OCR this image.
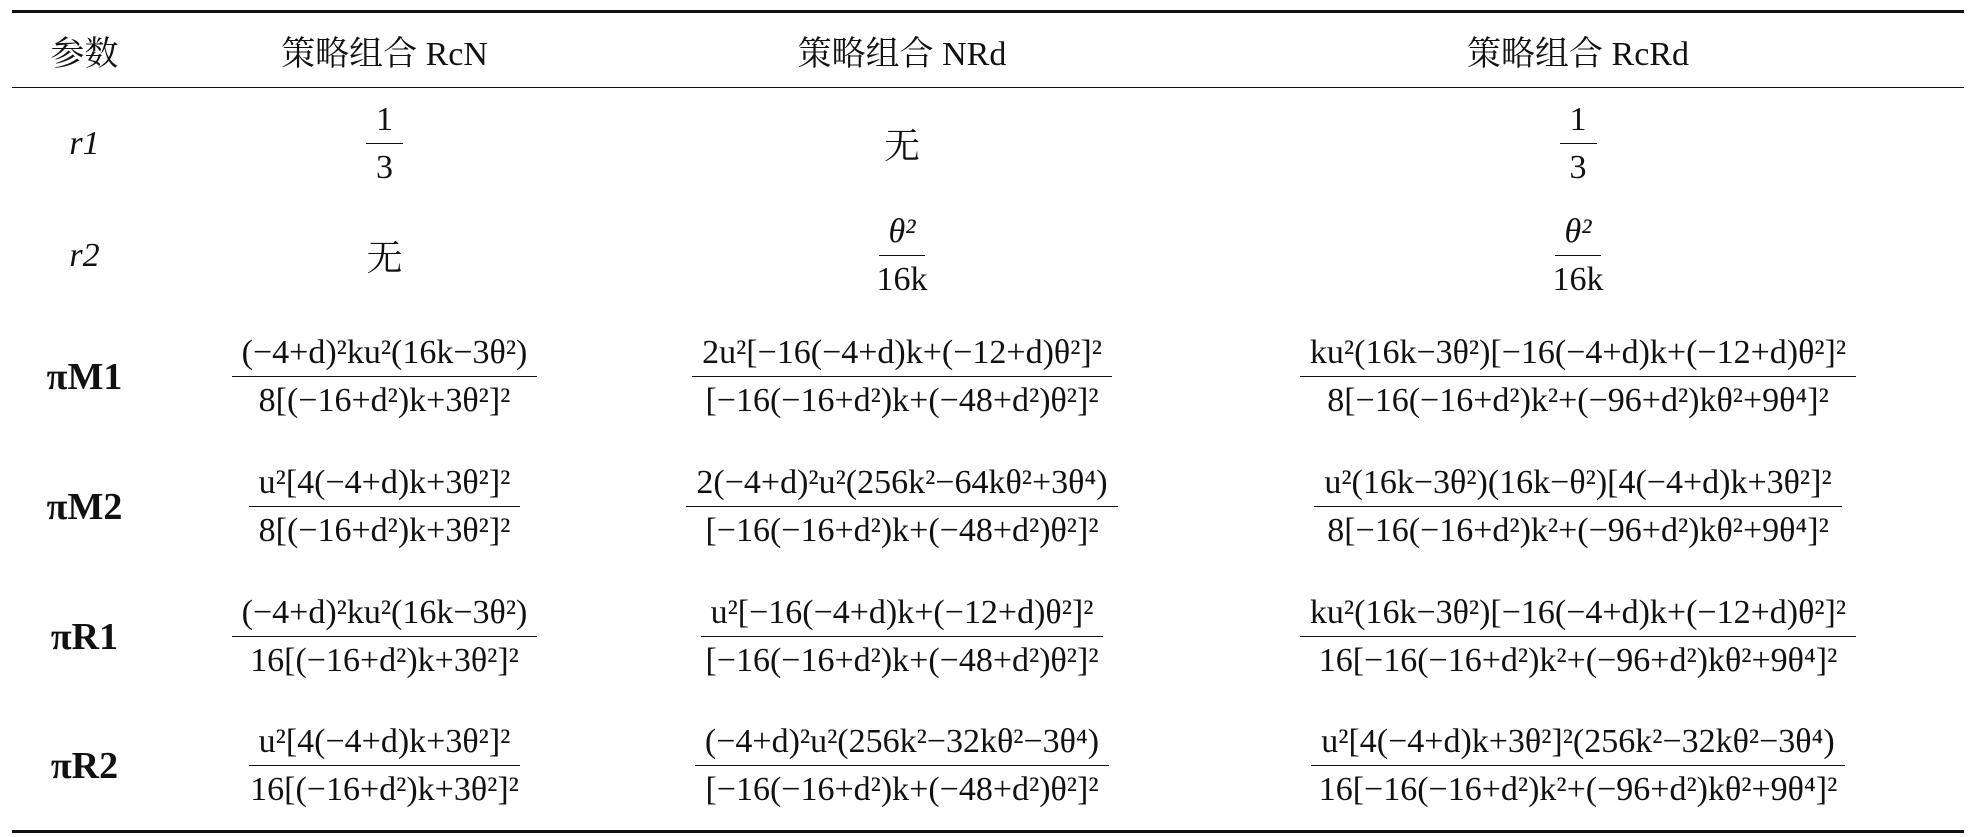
参数	策略组合 RcN	策略组合 NRd	策略组合 RcRd
r1	$\frac{1}{3}$	无	$\frac{1}{3}$

r2	无	$\frac{\text{θ²}}{16k}$	$\frac{\text{θ²}}{16k}$

πM1	$\frac{\text{(−4+d)²ku²(16k−3θ²)}}{\text{8[(−16+d²)k+3θ²]²}}$	$\frac{\text{2u²[−16(−4+d)k+(−12+d)θ²]²}}{\text{[−16(−16+d²)k+(−48+d²)θ²]²}}$	$\frac{\text{ku²(16k−3θ²)[−16(−4+d)k+(−12+d)θ²]²}}{\text{8[−16(−16+d²)k²+(−96+d²)kθ²+9θ⁴]²}}$

πM2	$\frac{\text{u²[4(−4+d)k+3θ²]²}}{\text{8[(−16+d²)k+3θ²]²}}$	$\frac{\text{2(−4+d)²u²(256k²−64kθ²+3θ⁴)}}{\text{[−16(−16+d²)k+(−48+d²)θ²]²}}$	$\frac{\text{u²(16k−3θ²)(16k−θ²)[4(−4+d)k+3θ²]²}}{\text{8[−16(−16+d²)k²+(−96+d²)kθ²+9θ⁴]²}}$

πR1	$\frac{\text{(−4+d)²ku²(16k−3θ²)}}{\text{16[(−16+d²)k+3θ²]²}}$	$\frac{\text{u²[−16(−4+d)k+(−12+d)θ²]²}}{\text{[−16(−16+d²)k+(−48+d²)θ²]²}}$	$\frac{\text{ku²(16k−3θ²)[−16(−4+d)k+(−12+d)θ²]²}}{\text{16[−16(−16+d²)k²+(−96+d²)kθ²+9θ⁴]²}}$

πR2	$\frac{\text{u²[4(−4+d)k+3θ²]²}}{\text{16[(−16+d²)k+3θ²]²}}$	$\frac{\text{(−4+d)²u²(256k²−32kθ²−3θ⁴)}}{\text{[−16(−16+d²)k+(−48+d²)θ²]²}}$	$\frac{\text{u²[4(−4+d)k+3θ²]²(256k²−32kθ²−3θ⁴)}}{\text{16[−16(−16+d²)k²+(−96+d²)kθ²+9θ⁴]²}}$
